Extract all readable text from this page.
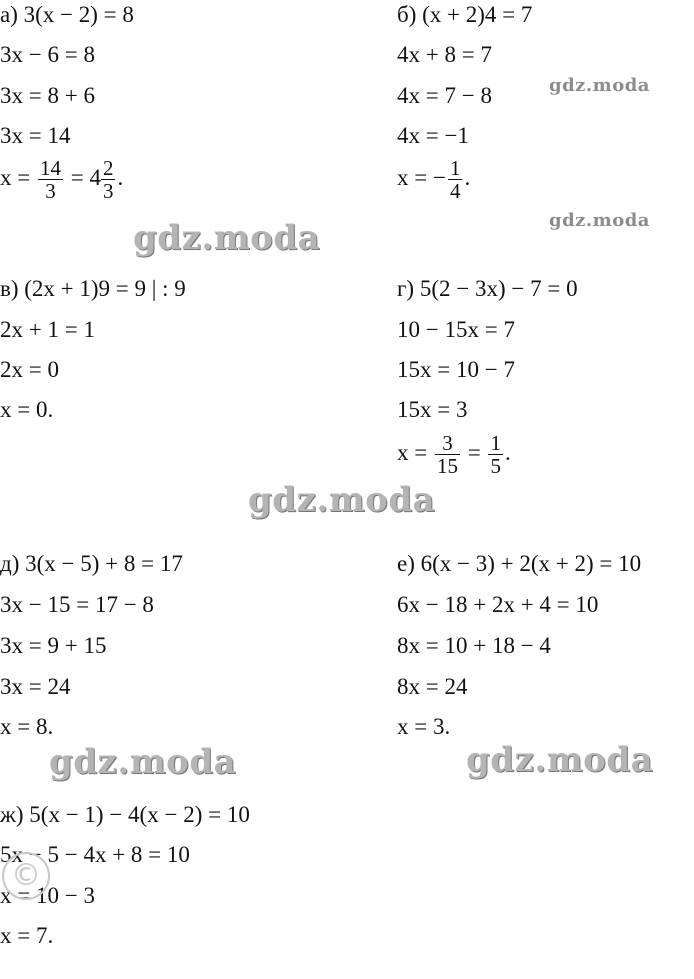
а) 3(x − 2) = 8
3x − 6 = 8
3x = 8 + 6
3x = 14
$x = \frac{14}{3} = 4 \frac{2}{3}$ .
б) (x + 2)4 = 7
4x + 8 = 7
4x = 7 − 8
4x = −1
x = − $\frac{1}{4}$ .
в) (2x + 1)9 = 9 | : 9
2x + 1 = 1
2x = 0
x = 0.
г) 5(2 − 3x) − 7 = 0
10 − 15x = 7
15x = 10 − 7
15x = 3
$x = \frac{3}{15} = \frac{1}{5}$ .
д) 3(x − 5) + 8 = 17
3x − 15 = 17 − 8
3x = 9 + 15
3x = 24
x = 8.
е) 6(x − 3) + 2(x + 2) = 10
6x − 18 + 2x + 4 = 10
8x = 10 + 18 − 4
8x = 24
x = 3.
ж) 5(x − 1) − 4(x − 2) = 10
5x − 5 − 4x + 8 = 10
x = 10 − 3
x = 7.
gdz.moda
gdz.moda
gdz.moda
gdz.moda
gdz.moda	gdz.moda
©
